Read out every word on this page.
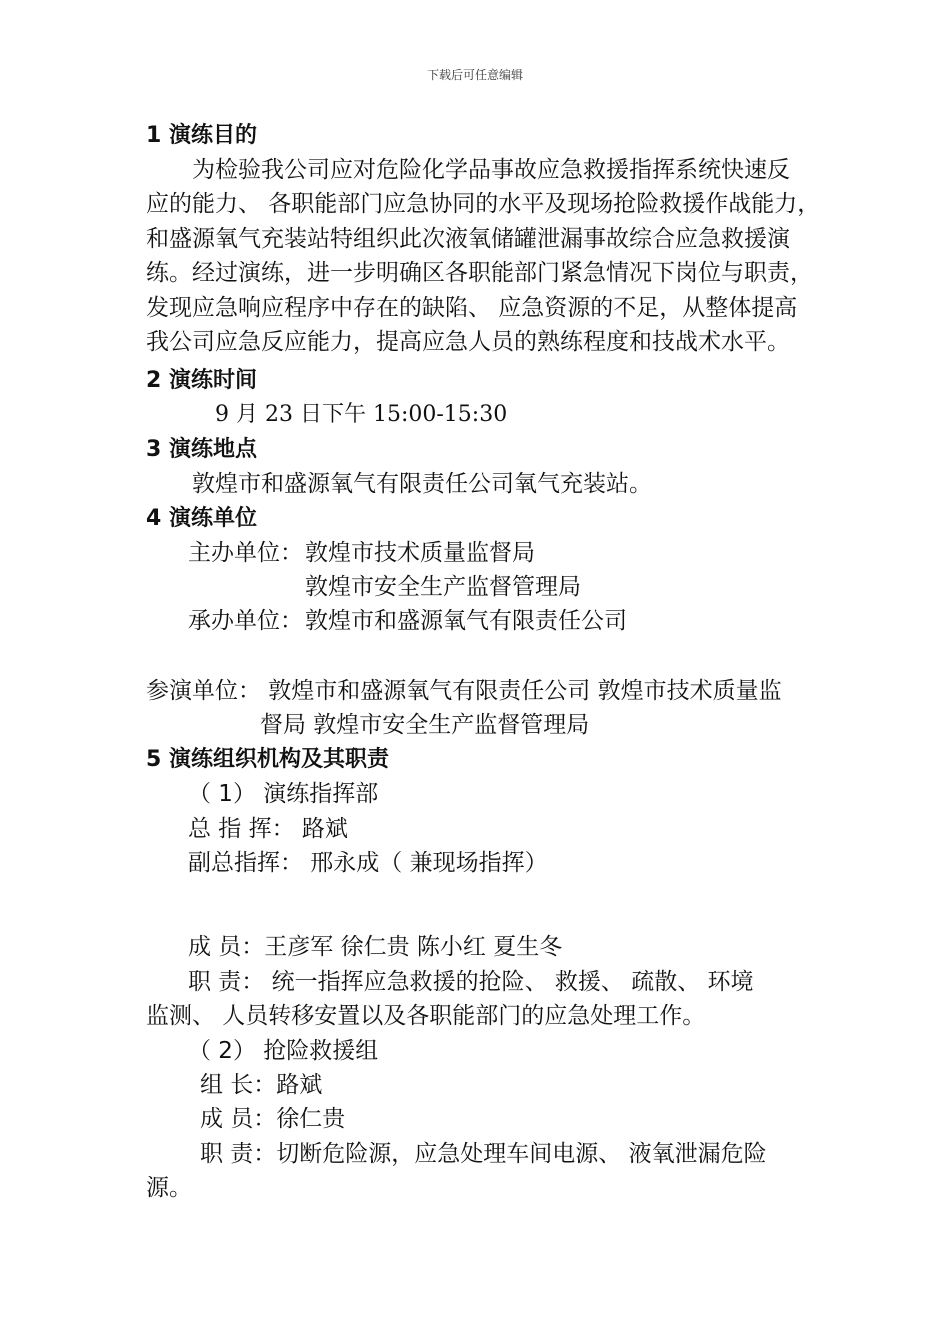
下载后可任意编辑
1 演练目的
为检验我公司应对危险化学品事故应急救援指挥系统快速反
应的能力、 各职能部门应急协同的水平及现场抢险救援作战能力，
和盛源氧气充装站特组织此次液氧储罐泄漏事故综合应急救援演
练。经过演练，进一步明确区各职能部门紧急情况下岗位与职责，
发现应急响应程序中存在的缺陷、 应急资源的不足，从整体提高
我公司应急反应能力，提高应急人员的熟练程度和技战术水平。
2 演练时间
9 月 23 日下午 15:00-15:30
3 演练地点
敦煌市和盛源氧气有限责任公司氧气充装站。
4 演练单位
主办单位： 敦煌市技术质量监督局
敦煌市安全生产监督管理局
承办单位： 敦煌市和盛源氧气有限责任公司
参演单位： 敦煌市和盛源氧气有限责任公司 敦煌市技术质量监
督局 敦煌市安全生产监督管理局
5 演练组织机构及其职责
（ 1） 演练指挥部
总 指 挥： 路斌
副总指挥： 邢永成（ 兼现场指挥）
成 员：王彦军 徐仁贵 陈小红 夏生冬
职 责： 统一指挥应急救援的抢险、 救援、 疏散、 环境
监测、 人员转移安置以及各职能部门的应急处理工作。
（ 2） 抢险救援组
组 长：路斌
成 员：徐仁贵
职 责：切断危险源，应急处理车间电源、 液氧泄漏危险
源。
